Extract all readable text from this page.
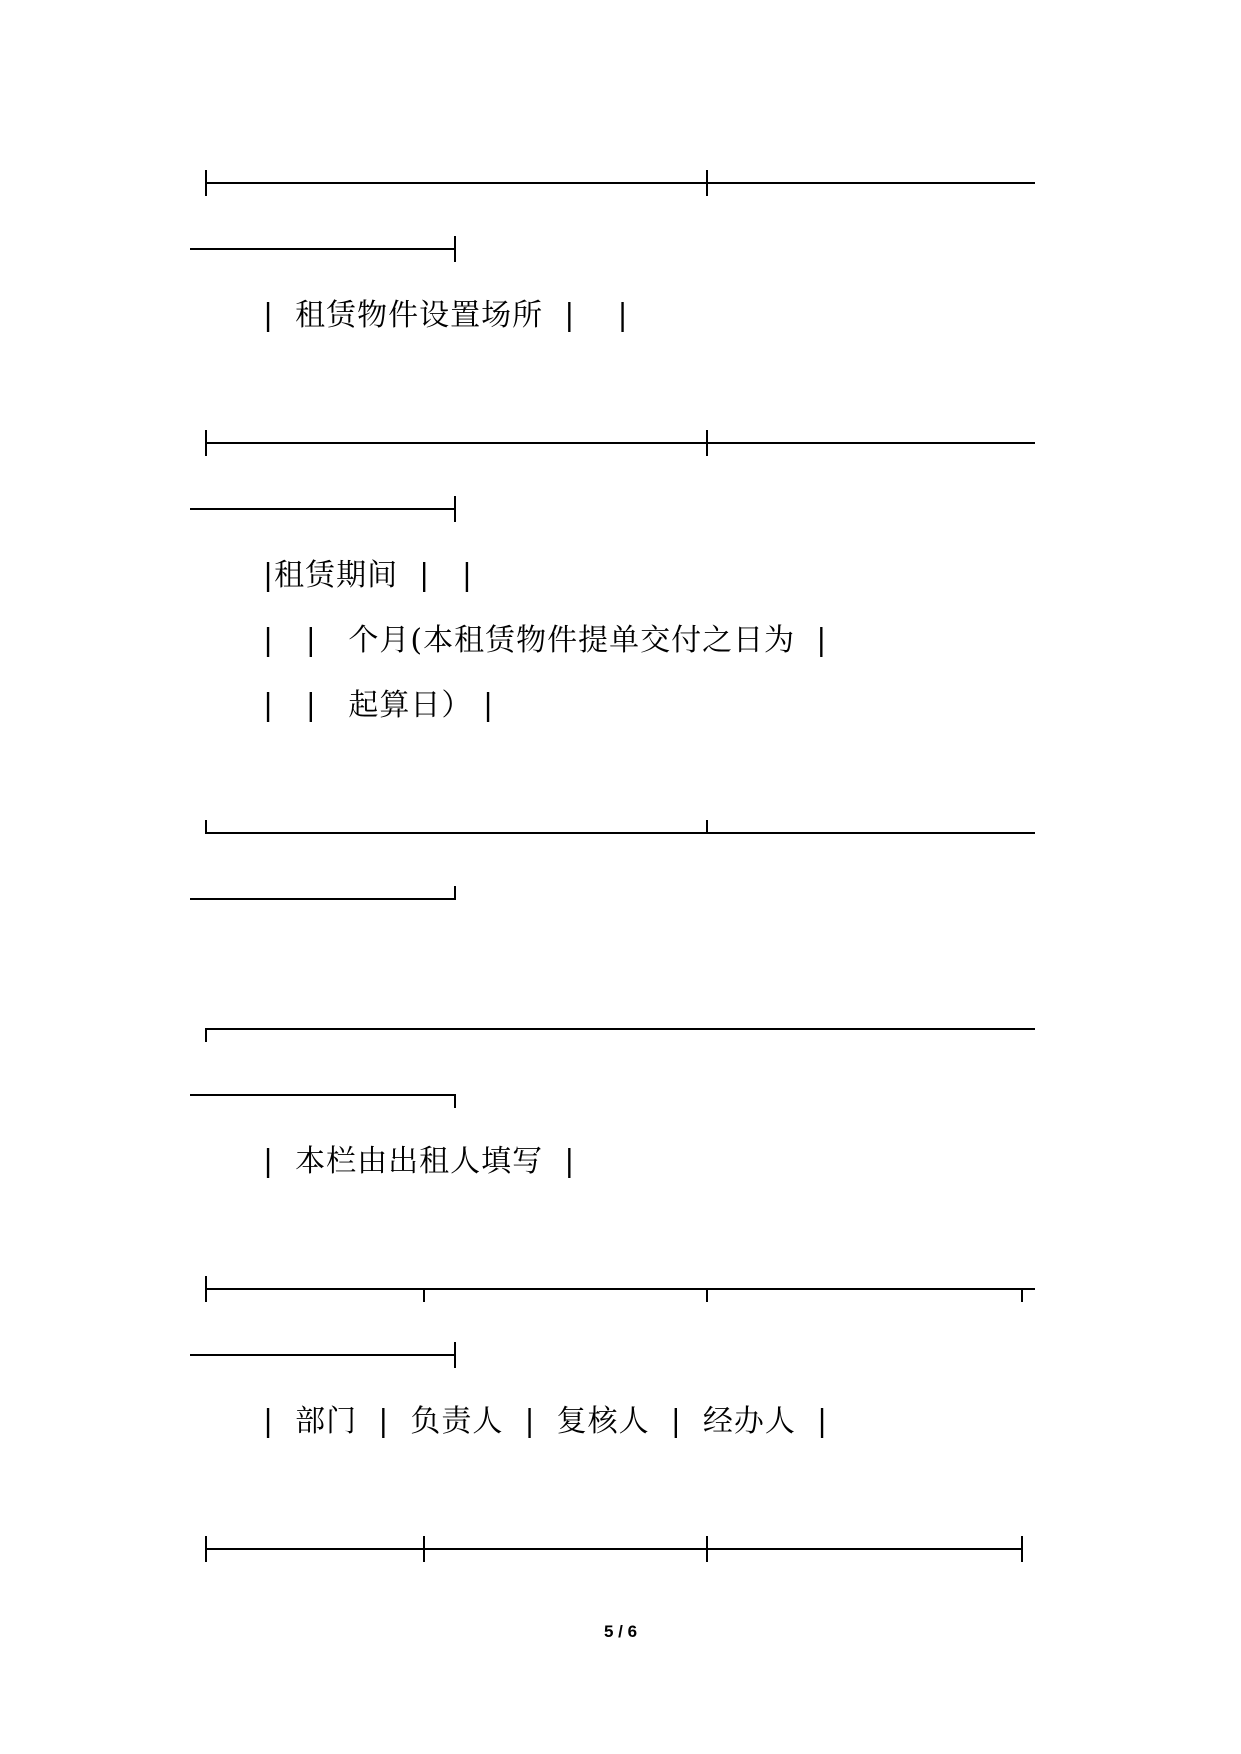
|  租赁物件设置场所  |    |
|租赁期间  |   |
|   |   个月(本租赁物件提单交付之日为  |
|   |   起算日） |
|  本栏由出租人填写  |
|  部门  |  负责人  |  复核人  |  经办人  |
5 / 6
